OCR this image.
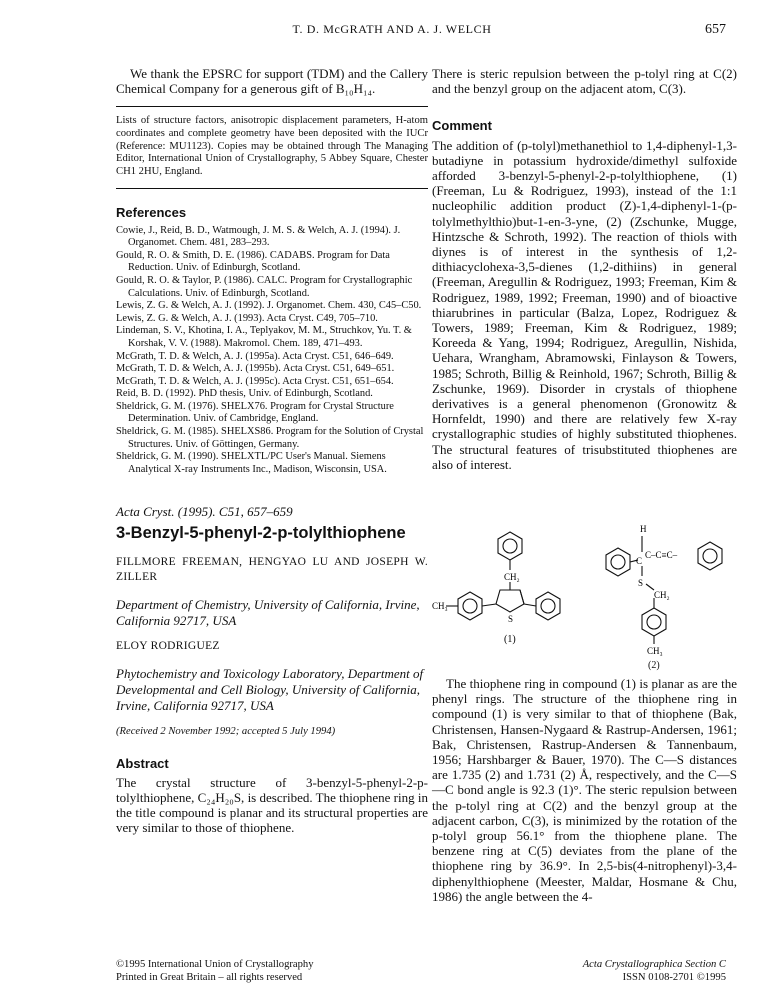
T. D. McGRATH AND A. J. WELCH	657

We thank the EPSRC for support (TDM) and the Callery Chemical Company for a generous gift of B₁₀H₁₄.

Lists of structure factors, anisotropic displacement parameters, H-atom coordinates and complete geometry have been deposited with the IUCr (Reference: MU1123). Copies may be obtained through The Managing Editor, International Union of Crystallography, 5 Abbey Square, Chester CH1 2HU, England.

References
Cowie, J., Reid, B. D., Watmough, J. M. S. & Welch, A. J. (1994). J. Organomet. Chem. 481, 283–293.
Gould, R. O. & Smith, D. E. (1986). CADABS. Program for Data Reduction. Univ. of Edinburgh, Scotland.
Gould, R. O. & Taylor, P. (1986). CALC. Program for Crystallographic Calculations. Univ. of Edinburgh, Scotland.
Lewis, Z. G. & Welch, A. J. (1992). J. Organomet. Chem. 430, C45–C50.
Lewis, Z. G. & Welch, A. J. (1993). Acta Cryst. C49, 705–710.
Lindeman, S. V., Khotina, I. A., Teplyakov, M. M., Struchkov, Yu. T. & Korshak, V. V. (1988). Makromol. Chem. 189, 471–493.
McGrath, T. D. & Welch, A. J. (1995a). Acta Cryst. C51, 646–649.
McGrath, T. D. & Welch, A. J. (1995b). Acta Cryst. C51, 649–651.
McGrath, T. D. & Welch, A. J. (1995c). Acta Cryst. C51, 651–654.
Reid, B. D. (1992). PhD thesis, Univ. of Edinburgh, Scotland.
Sheldrick, G. M. (1976). SHELX76. Program for Crystal Structure Determination. Univ. of Cambridge, England.
Sheldrick, G. M. (1985). SHELXS86. Program for the Solution of Crystal Structures. Univ. of Göttingen, Germany.
Sheldrick, G. M. (1990). SHELXTL/PC User's Manual. Siemens Analytical X-ray Instruments Inc., Madison, Wisconsin, USA.
Acta Cryst. (1995). C51, 657–659
3-Benzyl-5-phenyl-2-p-tolylthiophene
FILLMORE FREEMAN, HENGYAO LU AND JOSEPH W. ZILLER
Department of Chemistry, University of California, Irvine, California 92717, USA
ELOY RODRIGUEZ
Phytochemistry and Toxicology Laboratory, Department of Developmental and Cell Biology, University of California, Irvine, California 92717, USA
(Received 2 November 1992; accepted 5 July 1994)
Abstract

The crystal structure of 3-benzyl-5-phenyl-2-p-tolylthiophene, C₂₄H₂₀S, is described. The thiophene ring in the title compound is planar and its structural properties are very similar to those of thiophene.

There is steric repulsion between the p-tolyl ring at C(2) and the benzyl group on the adjacent atom, C(3).

Comment

The addition of (p-tolyl)methanethiol to 1,4-diphenyl-1,3-butadiyne in potassium hydroxide/dimethyl sulfoxide afforded 3-benzyl-5-phenyl-2-p-tolylthiophene, (1) (Freeman, Lu & Rodriguez, 1993), instead of the 1:1 nucleophilic addition product (Z)-1,4-diphenyl-1-(p-tolylmethylthio)but-1-en-3-yne, (2) (Zschunke, Mugge, Hintzsche & Schroth, 1992). The reaction of thiols with diynes is of interest in the synthesis of 1,2-dithiacyclohexa-3,5-dienes (1,2-dithiins) in general (Freeman, Aregullin & Rodriguez, 1993; Freeman, Kim & Rodriguez, 1989, 1992; Freeman, 1990) and of bioactive thiarubrines in particular (Balza, Lopez, Rodriguez & Towers, 1989; Freeman, Kim & Rodriguez, 1989; Koreeda & Yang, 1994; Rodriguez, Aregullin, Nishida, Uehara, Wrangham, Abramowski, Finlayson & Towers, 1985; Schroth, Billig & Reinhold, 1967; Schroth, Billig & Zschunke, 1969). Disorder in crystals of thiophene derivatives is a general phenomenon (Gronowitz & Hornfeldt, 1990) and there are relatively few X-ray crystallographic studies of highly substituted thiophenes. The structural features of trisubstituted thiophenes are also of interest.

CH₂
CH₃
S
(1)
H
C–C≡C–
C
S
CH₂
CH₃
(2)

The thiophene ring in compound (1) is planar as are the phenyl rings. The structure of the thiophene ring in compound (1) is very similar to that of thiophene (Bak, Christensen, Hansen-Nygaard & Rastrup-Andersen, 1961; Bak, Christensen, Rastrup-Andersen & Tannenbaum, 1956; Harshbarger & Bauer, 1970). The C—S distances are 1.735 (2) and 1.731 (2) Å, respectively, and the C—S—C bond angle is 92.3 (1)°. The steric repulsion between the p-tolyl ring at C(2) and the benzyl group at the adjacent carbon, C(3), is minimized by the rotation of the p-tolyl group 56.1° from the thiophene plane. The benzene ring at C(5) deviates from the plane of the thiophene ring by 36.9°. In 2,5-bis(4-nitrophenyl)-3,4-diphenylthiophene (Meester, Maldar, Hosmane & Chu, 1986) the angle between the 4-

©1995 International Union of Crystallography
Printed in Great Britain – all rights reserved
Acta Crystallographica Section C
ISSN 0108-2701 ©1995
